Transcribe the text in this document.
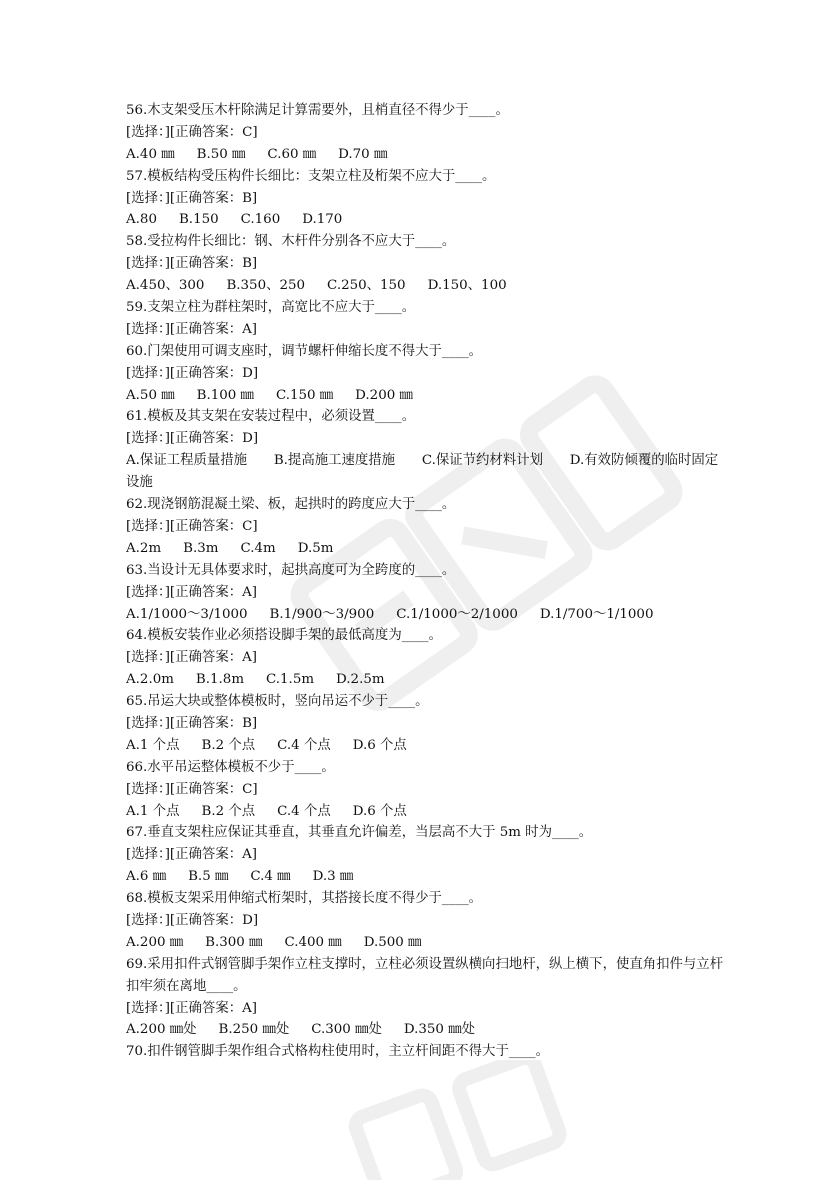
56.木支架受压木杆除满足计算需要外，且梢直径不得少于____。
[选择：][正确答案：C]
A.40 ㎜ B.50 ㎜ C.60 ㎜ D.70 ㎜
57.模板结构受压构件长细比：支架立柱及桁架不应大于____。
[选择：][正确答案：B]
A.80 B.150 C.160 D.170
58.受拉构件长细比：钢、木杆件分别各不应大于____。
[选择：][正确答案：B]
A.450、300 B.350、250 C.250、150 D.150、100
59.支架立柱为群柱架时，高宽比不应大于____。
[选择：][正确答案：A]
60.门架使用可调支座时，调节螺杆伸缩长度不得大于____。
[选择：][正确答案：D]
A.50 ㎜ B.100 ㎜ C.150 ㎜ D.200 ㎜
61.模板及其支架在安装过程中，必须设置____。
[选择：][正确答案：D]
A.保证工程质量措施　　B.提高施工速度措施　　C.保证节约材料计划　　D.有效防倾覆的临时固定设施
62.现浇钢筋混凝土梁、板，起拱时的跨度应大于____。
[选择：][正确答案：C]
A.2m B.3m C.4m D.5m
63.当设计无具体要求时，起拱高度可为全跨度的____。
[选择：][正确答案：A]
A.1/1000～3/1000 B.1/900～3/900 C.1/1000～2/1000 D.1/700～1/1000
64.模板安装作业必须搭设脚手架的最低高度为____。
[选择：][正确答案：A]
A.2.0m B.1.8m C.1.5m D.2.5m
65.吊运大块或整体模板时，竖向吊运不少于____。
[选择：][正确答案：B]
A.1 个点 B.2 个点 C.4 个点 D.6 个点
66.水平吊运整体模板不少于____。
[选择：][正确答案：C]
A.1 个点 B.2 个点 C.4 个点 D.6 个点
67.垂直支架柱应保证其垂直，其垂直允许偏差，当层高不大于 5m 时为____。
[选择：][正确答案：A]
A.6 ㎜ B.5 ㎜ C.4 ㎜ D.3 ㎜
68.模板支架采用伸缩式桁架时，其搭接长度不得少于____。
[选择：][正确答案：D]
A.200 ㎜ B.300 ㎜ C.400 ㎜ D.500 ㎜
69.采用扣件式钢管脚手架作立柱支撑时，立柱必须设置纵横向扫地杆，纵上横下，使直角扣件与立杆扣牢须在离地____。
[选择：][正确答案：A]
A.200 ㎜处 B.250 ㎜处 C.300 ㎜处 D.350 ㎜处
70.扣件钢管脚手架作组合式格构柱使用时，主立杆间距不得大于____。
